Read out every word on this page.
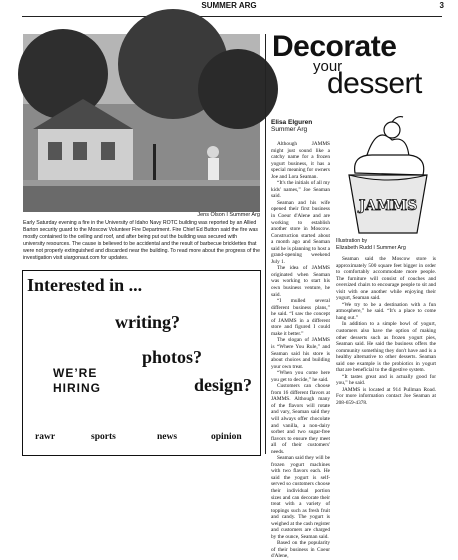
SUMMER ARG	3
Jens Olson I Summer Arg
Early Saturday evening a fire in the University of Idaho Navy ROTC building was reported by an Allied Barton security guard to the Moscow Volunteer Fire Department. Fire Chief Ed Button said the fire was mostly contained to the ceiling and roof, and after being put out the building was secured with university resources. The cause is believed to be accidental and the result of barbecue bricklettes that were not properly extinguished and discarded near the building. To read more about the progress of the investigation visit uiargonaut.com for updates.
Interested in ...
writing?
photos?
design?
WE’RE
HIRING
rawr	sports	news	opinion
Decorate
your
dessert
Elisa Elguren
Summer Arg

Although JAMMS might just sound like a catchy name for a frozen yogurt business, it has a special meaning for owners Joe and Lora Seaman.

“It's the initials of all my kids' names,” Joe Seaman said.

Seaman and his wife opened their first business in Coeur d'Alene and are working to establish another store in Moscow. Construction started about a month ago and Seaman said he is planning to host a grand-opening weekend July 1.

The idea of JAMMS originated when Seaman was working to start his own business venture, he said.

“I mulled several different business plans,” he said. “I saw the concept of JAMMS in a different store and figured I could make it better.”

The slogan of JAMMS is “Where You Rule,” and Seaman said his store is about choices and building your own treat.

“When you come here you get to decide,” he said.

Customers can choose from 16 different flavors at JAMMS. Although many of the flavors will rotate and vary, Seaman said they will always offer chocolate and vanilla, a non-dairy sorbet and two sugar-free flavors to ensure they meet all of their customers' needs.

Seaman said they will be frozen yogurt machines with two flavors each. He said the yogurt is self-served so customers choose their individual portion sizes and can decorate their treat with a variety of toppings such as fresh fruit and candy. The yogurt is weighed at the cash register and customers are charged by the ounce, Seaman said.

Based on the popularity of their business in Coeur d'Alene,

JAMMS
Illustration by
Elizabeth Rudd I Summer Arg

Seaman said the Moscow store is approximately 500 square feet bigger in order to comfortably accommodate more people. The furniture will consist of couches and oversized chairs to encourage people to sit and visit with one another while enjoying their yogurt, Seaman said.

“We try to be a destination with a fun atmosphere,” he said. “It's a place to come hang out.”

In addition to a simple bowl of yogurt, customers also have the option of making other desserts such as frozen yogurt pies, Seaman said. He said the business offers the community something they don't have and is a healthy alternative to other desserts. Seaman said one example is the probiotics in yogurt that are beneficial to the digestive system.

“It tastes great and is actually good for you,” he said.

JAMMS is located at 914 Pullman Road. For more information contact Joe Seaman at 208-659-4378.
